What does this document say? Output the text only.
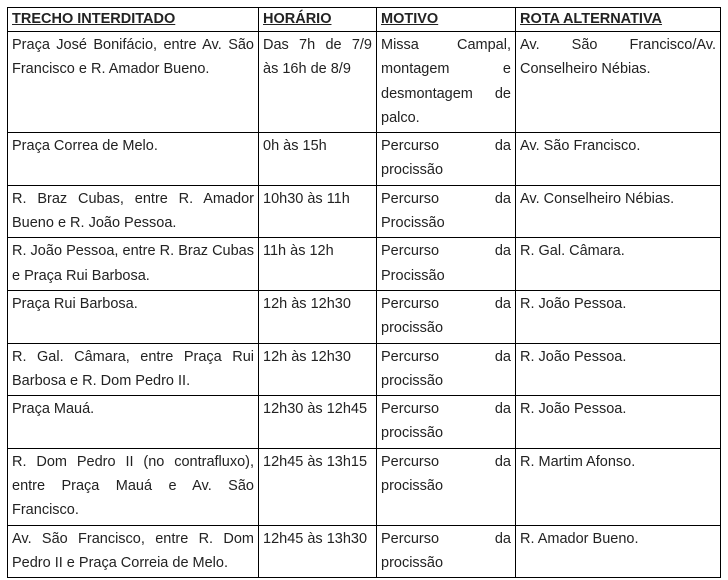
TRECHO INTERDITADO	HORÁRIO	MOTIVO	ROTA ALTERNATIVA
Praça José Bonifácio, entre Av. São Francisco e R. Amador Bueno.	Das 7h de 7/9 às 16h de 8/9	Missa Campal, montagem e desmontagem de palco.	Av. São Francisco/Av. Conselheiro Nébias.
Praça Correa de Melo.	0h às 15h	Percurso da procissão	Av. São Francisco.
R. Braz Cubas, entre R. Amador Bueno e R. João Pessoa.	10h30 às 11h	Percurso da Procissão	Av. Conselheiro Nébias.
R. João Pessoa, entre R. Braz Cubas e Praça Rui Barbosa.	11h às 12h	Percurso da Procissão	R. Gal. Câmara.
Praça Rui Barbosa.	12h às 12h30	Percurso da procissão	R. João Pessoa.
R. Gal. Câmara, entre Praça Rui Barbosa e R. Dom Pedro II.	12h às 12h30	Percurso da procissão	R. João Pessoa.
Praça Mauá.	12h30 às 12h45	Percurso da procissão	R. João Pessoa.
R. Dom Pedro II (no contrafluxo), entre Praça Mauá e Av. São Francisco.	12h45 às 13h15	Percurso da procissão	R. Martim Afonso.
Av. São Francisco, entre R. Dom Pedro II e Praça Correia de Melo.	12h45 às 13h30	Percurso da procissão	R. Amador Bueno.
